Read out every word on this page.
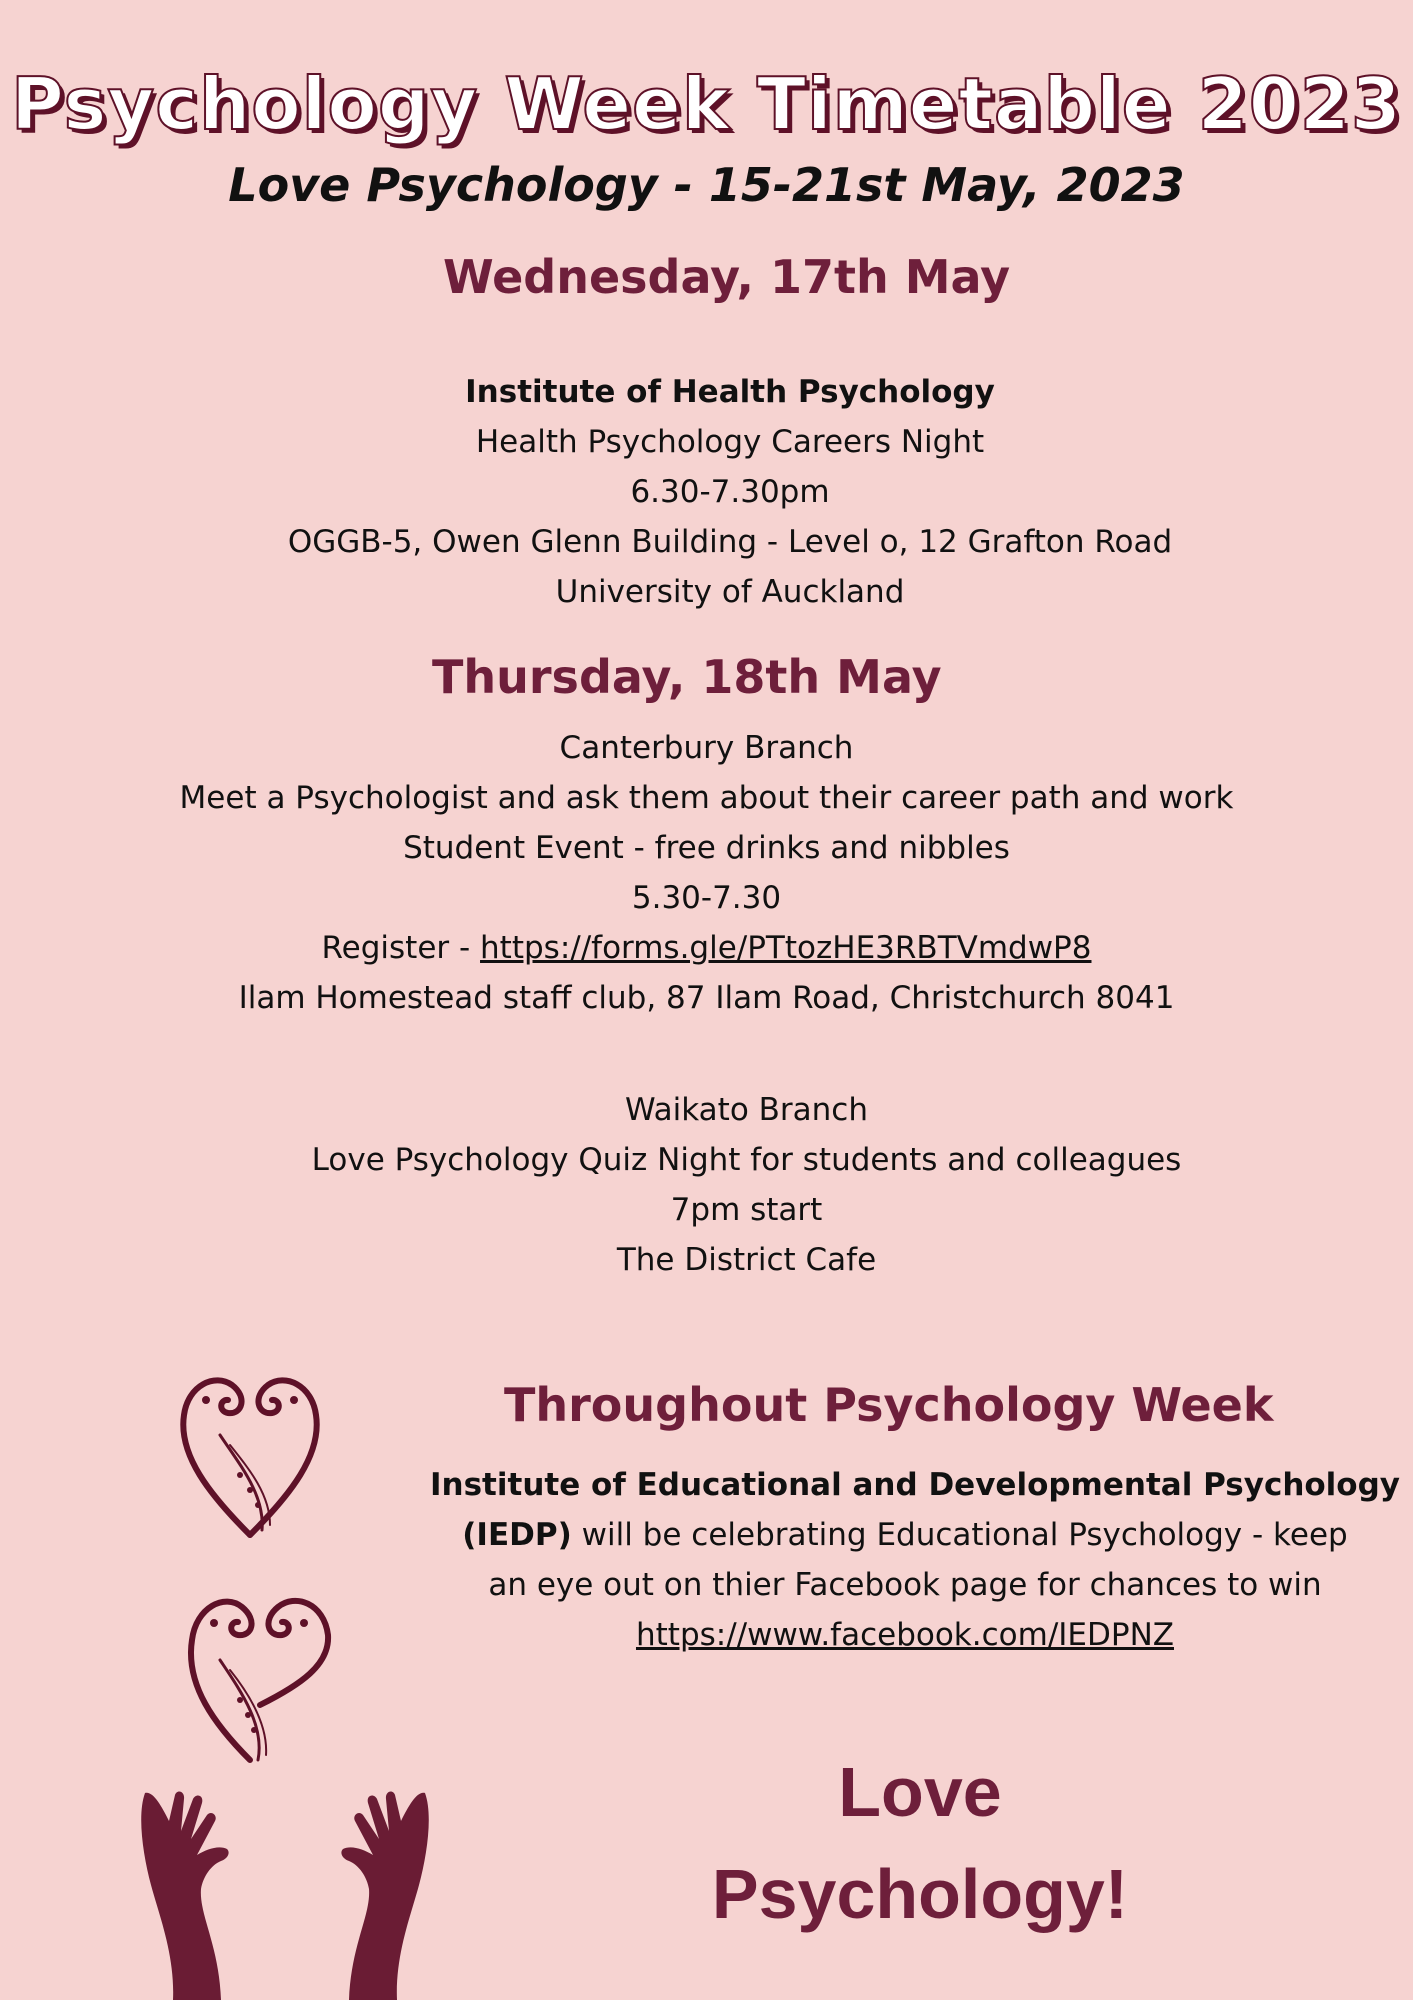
Psychology Week Timetable 2023
Love Psychology - 15-21st May, 2023
Wednesday, 17th May
Institute of Health Psychology
Health Psychology Careers Night
6.30-7.30pm
OGGB-5, Owen Glenn Building - Level o, 12 Grafton Road
University of Auckland
Thursday, 18th May
Canterbury Branch
Meet a Psychologist and ask them about their career path and work
Student Event - free drinks and nibbles
5.30-7.30
Register - https://forms.gle/PTtozHE3RBTVmdwP8
Ilam Homestead staff club, 87 Ilam Road, Christchurch 8041
Waikato Branch
Love Psychology Quiz Night for students and colleagues
7pm start
The District Cafe
Throughout Psychology Week
Institute of Educational and Developmental Psychology
(IEDP) will be celebrating Educational Psychology - keep
an eye out on thier Facebook page for chances to win
https://www.facebook.com/IEDPNZ
Love
Psychology!
